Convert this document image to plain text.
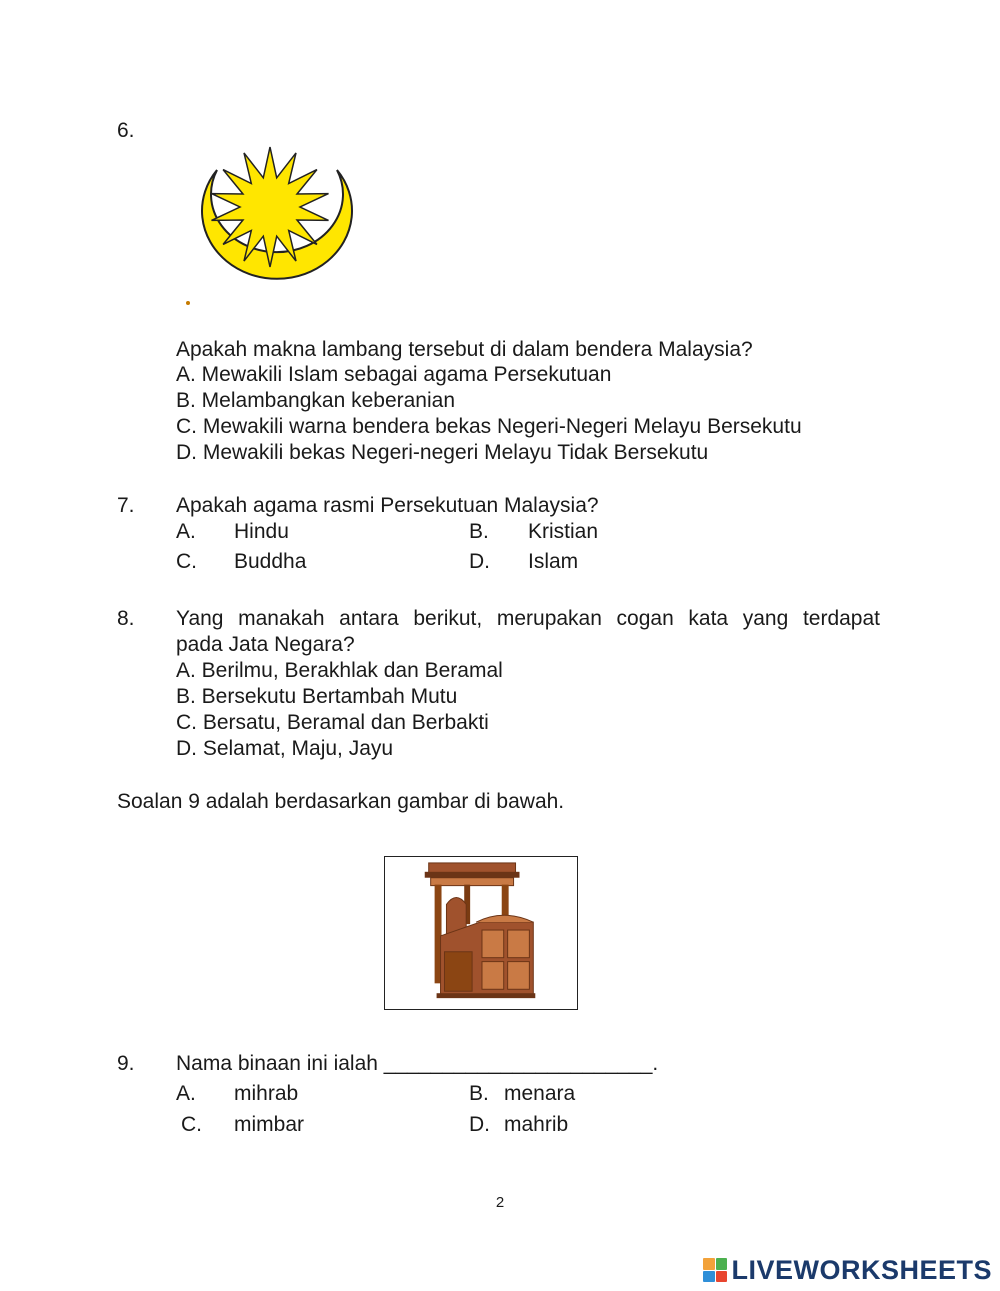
6.
Apakah makna lambang tersebut di dalam bendera Malaysia?
A. Mewakili Islam sebagai agama Persekutuan
B. Melambangkan keberanian
C. Mewakili warna bendera bekas Negeri-Negeri Melayu Bersekutu
D. Mewakili bekas Negeri-negeri Melayu Tidak Bersekutu
7. Apakah agama rasmi Persekutuan Malaysia?
A. Hindu	B. Kristian
C. Buddha	D. Islam
8. Yang manakah antara berikut, merupakan cogan kata yang terdapat
pada Jata Negara?
A. Berilmu, Berakhlak dan Beramal
B. Bersekutu Bertambah Mutu
C. Bersatu, Beramal dan Berbakti
D. Selamat, Maju, Jayu
Soalan 9 adalah berdasarkan gambar di bawah.
9. Nama binaan ini ialah _______________________.
A. mihrab	B. menara
C. mimbar	D. mahrib
2
LIVEWORKSHEETS
